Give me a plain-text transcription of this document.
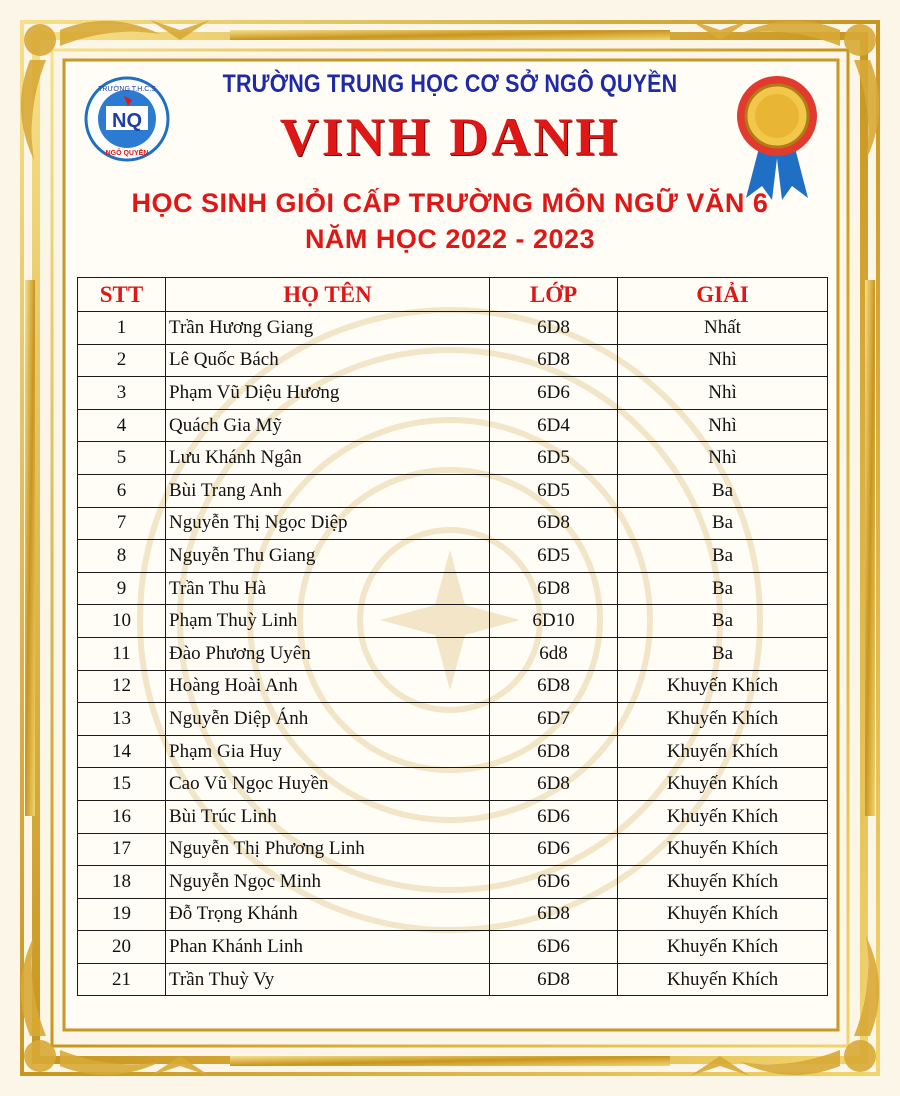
NQ
TRƯỜNG T.H.C.S
NGÔ QUYỀN
TRƯỜNG TRUNG HỌC CƠ SỞ NGÔ QUYỀN
VINH DANH
HỌC SINH GIỎI CẤP TRƯỜNG MÔN NGỮ VĂN 6
NĂM HỌC 2022 - 2023
STT	HỌ TÊN	LỚP	GIẢI
1	Trần Hương Giang	6D8	Nhất
2	Lê Quốc Bách	6D8	Nhì
3	Phạm Vũ Diệu Hương	6D6	Nhì
4	Quách Gia Mỹ	6D4	Nhì
5	Lưu Khánh Ngân	6D5	Nhì
6	Bùi Trang Anh	6D5	Ba
7	Nguyễn Thị Ngọc Diệp	6D8	Ba
8	Nguyễn Thu Giang	6D5	Ba
9	Trần Thu Hà	6D8	Ba
10	Phạm Thuỳ Linh	6D10	Ba
11	Đào Phương Uyên	6d8	Ba
12	Hoàng Hoài Anh	6D8	Khuyến Khích
13	Nguyễn Diệp Ánh	6D7	Khuyến Khích
14	Phạm Gia Huy	6D8	Khuyến Khích
15	Cao Vũ Ngọc Huyền	6D8	Khuyến Khích
16	Bùi Trúc Linh	6D6	Khuyến Khích
17	Nguyễn Thị Phương Linh	6D6	Khuyến Khích
18	Nguyễn Ngọc Minh	6D6	Khuyến Khích
19	Đỗ Trọng Khánh	6D8	Khuyến Khích
20	Phan Khánh Linh	6D6	Khuyến Khích
21	Trần Thuỳ Vy	6D8	Khuyến Khích
